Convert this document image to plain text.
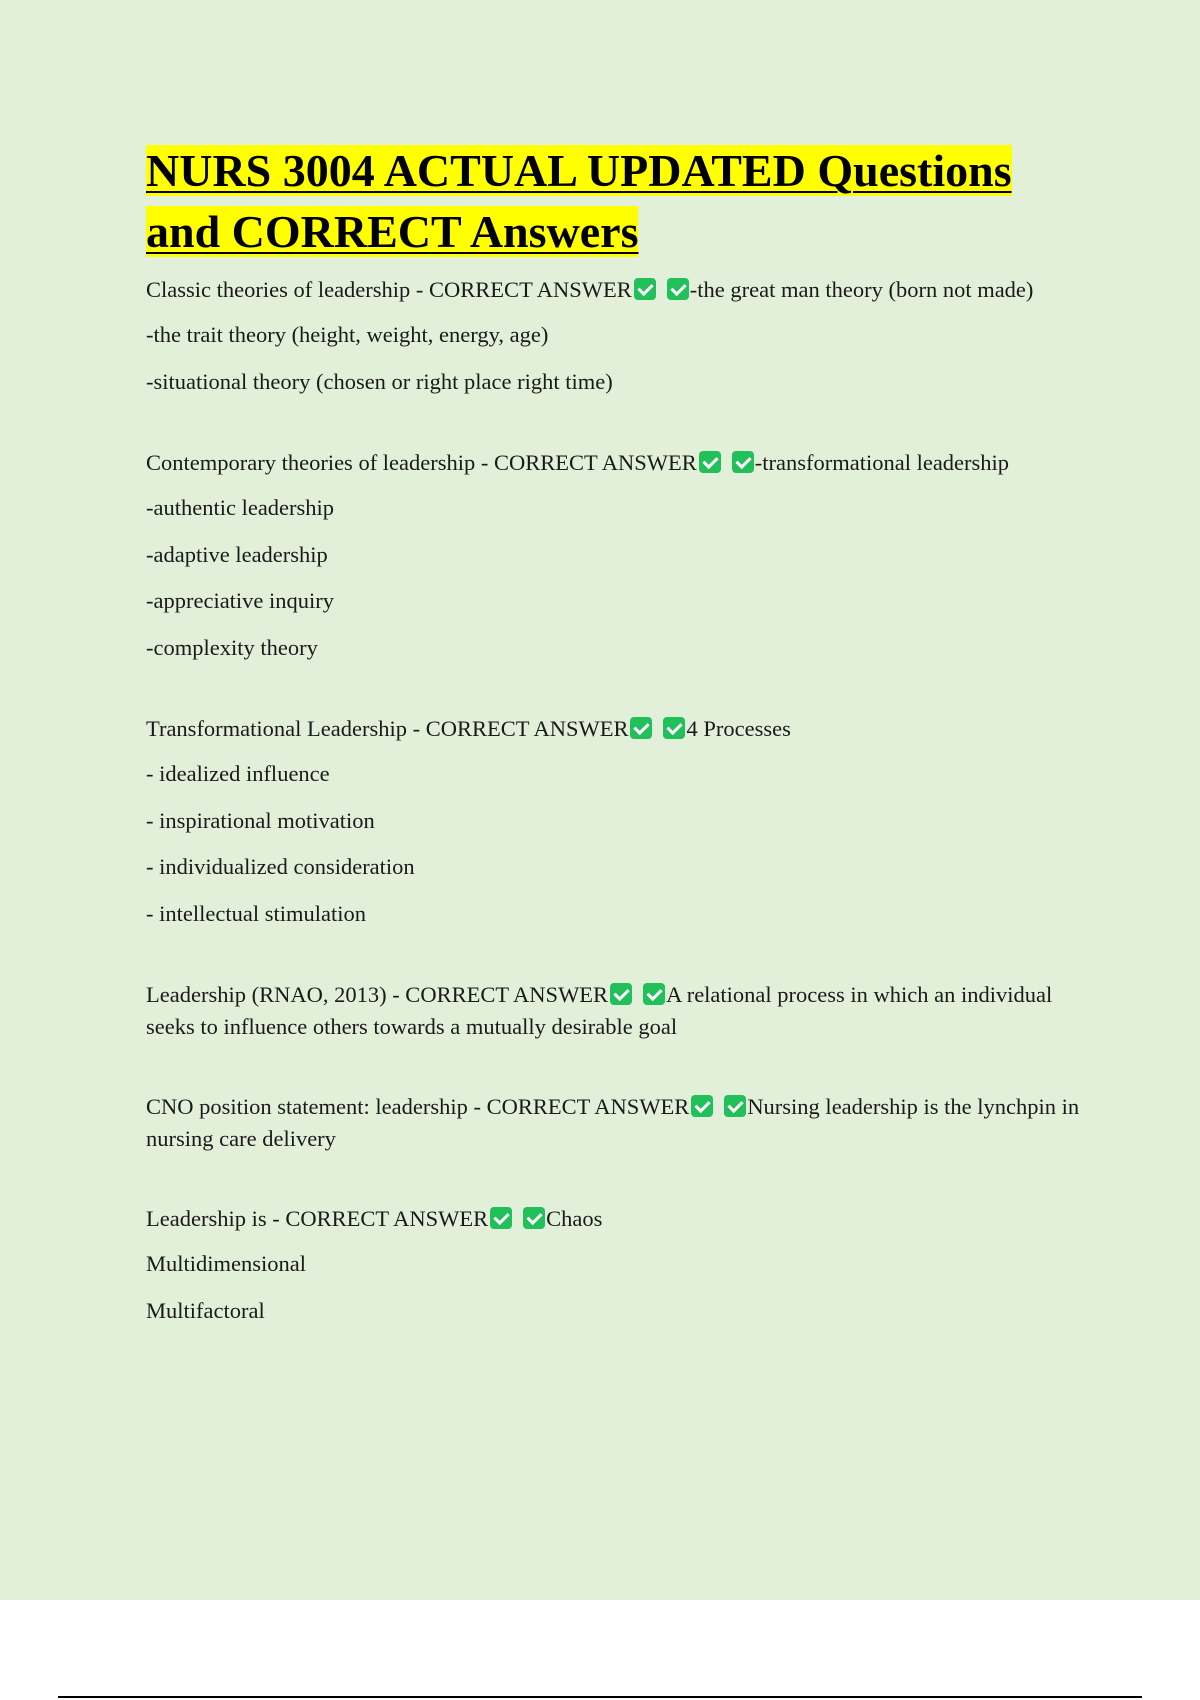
NURS 3004 ACTUAL UPDATED Questions and CORRECT Answers

Classic theories of leadership - CORRECT ANSWER	-the great man theory (born not made)

-the trait theory (height, weight, energy, age)

-situational theory (chosen or right place right time)

Contemporary theories of leadership - CORRECT ANSWER	-transformational leadership

-authentic leadership

-adaptive leadership

-appreciative inquiry

-complexity theory

Transformational Leadership - CORRECT ANSWER	4 Processes

- idealized influence

- inspirational motivation

- individualized consideration

- intellectual stimulation

Leadership (RNAO, 2013) - CORRECT ANSWER	A relational process in which an individual seeks to influence others towards a mutually desirable goal

CNO position statement: leadership - CORRECT ANSWER	Nursing leadership is the lynchpin in nursing care delivery

Leadership is - CORRECT ANSWER	Chaos

Multidimensional

Multifactoral
